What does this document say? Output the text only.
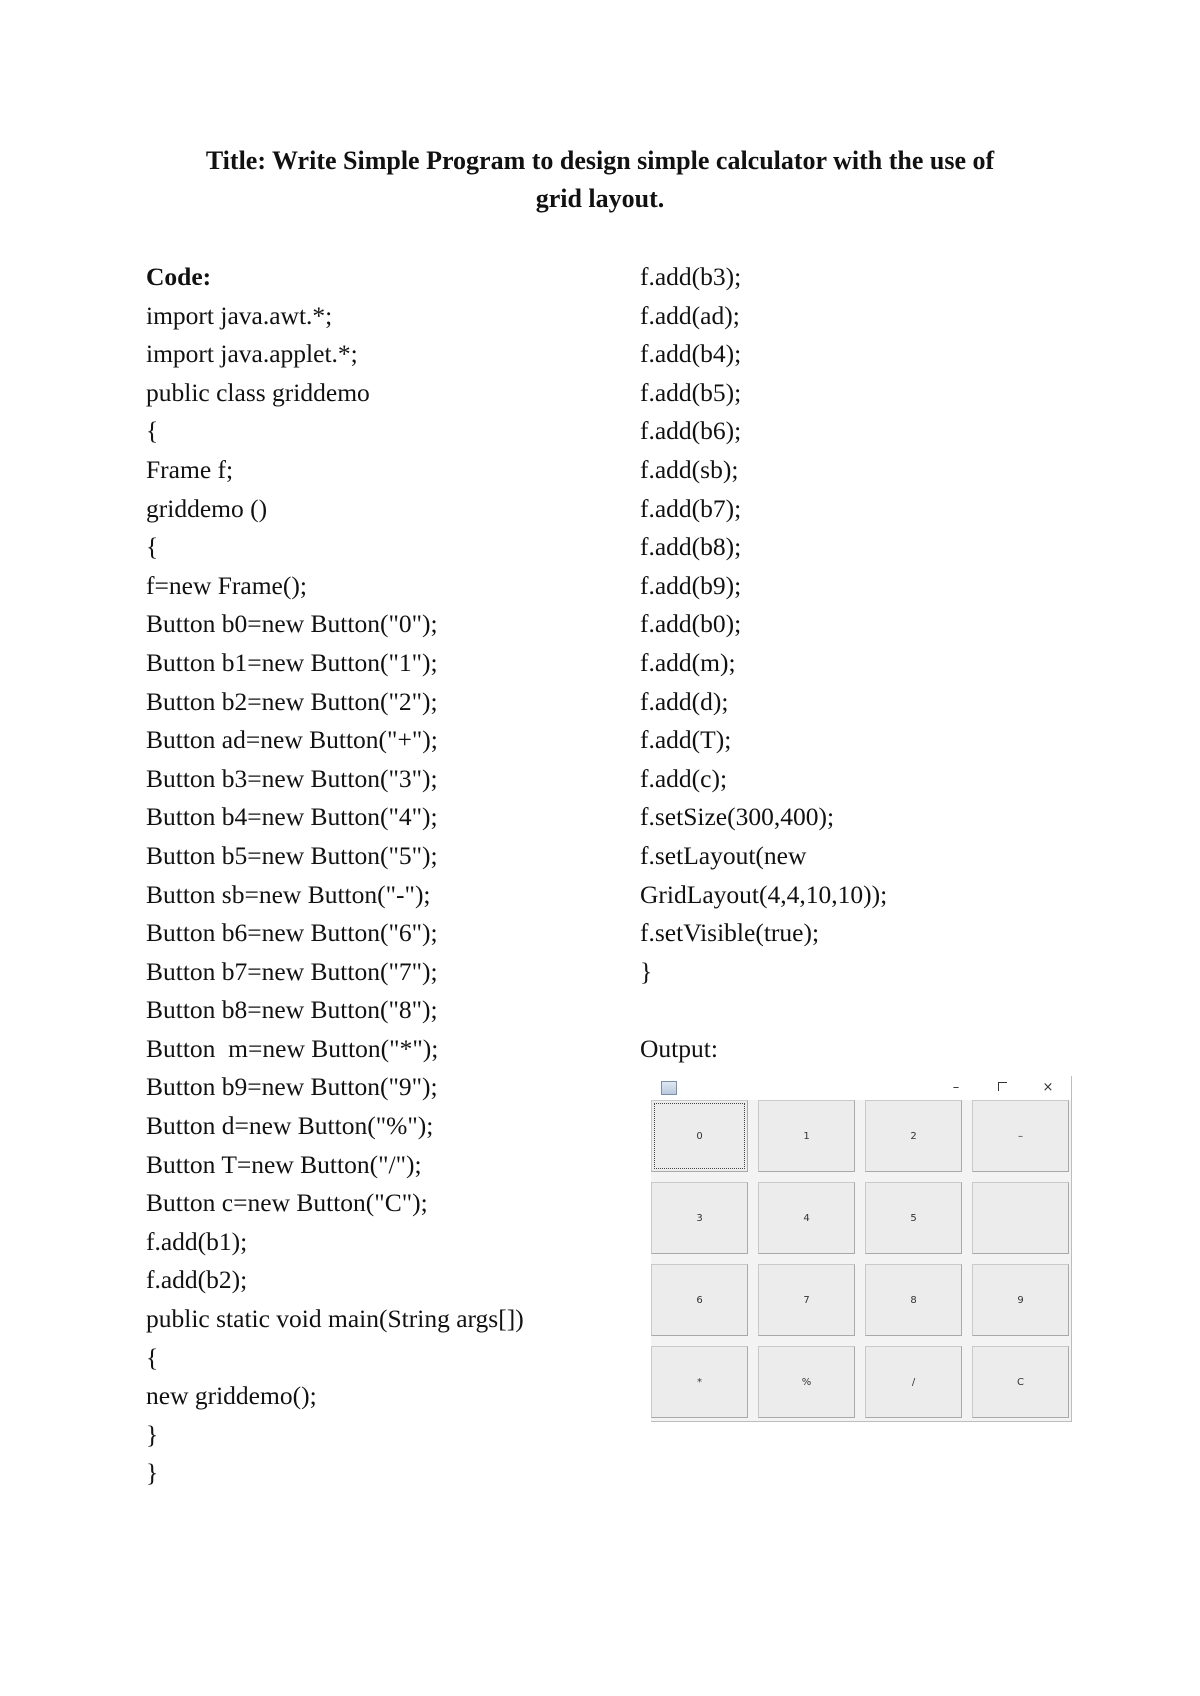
Title: Write Simple Program to design simple calculator with the use of
grid layout.
Code:
import java.awt.*;
import java.applet.*;
public class griddemo
{
Frame f;
griddemo ()
{
f=new Frame();
Button b0=new Button("0");
Button b1=new Button("1");
Button b2=new Button("2");
Button ad=new Button("+");
Button b3=new Button("3");
Button b4=new Button("4");
Button b5=new Button("5");
Button sb=new Button("-");
Button b6=new Button("6");
Button b7=new Button("7");
Button b8=new Button("8");
Button  m=new Button("*");
Button b9=new Button("9");
Button d=new Button("%");
Button T=new Button("/");
Button c=new Button("C");
f.add(b1);
f.add(b2);
public static void main(String args[])
{
new griddemo();
}
}
f.add(b3);
f.add(ad);
f.add(b4);
f.add(b5);
f.add(b6);
f.add(sb);
f.add(b7);
f.add(b8);
f.add(b9);
f.add(b0);
f.add(m);
f.add(d);
f.add(T);
f.add(c);
f.setSize(300,400);
f.setLayout(new
GridLayout(4,4,10,10));
f.setVisible(true);
}
Output:
–	×
0	1	2	–
3	4	5
6	7	8	9
*	%	/	C
